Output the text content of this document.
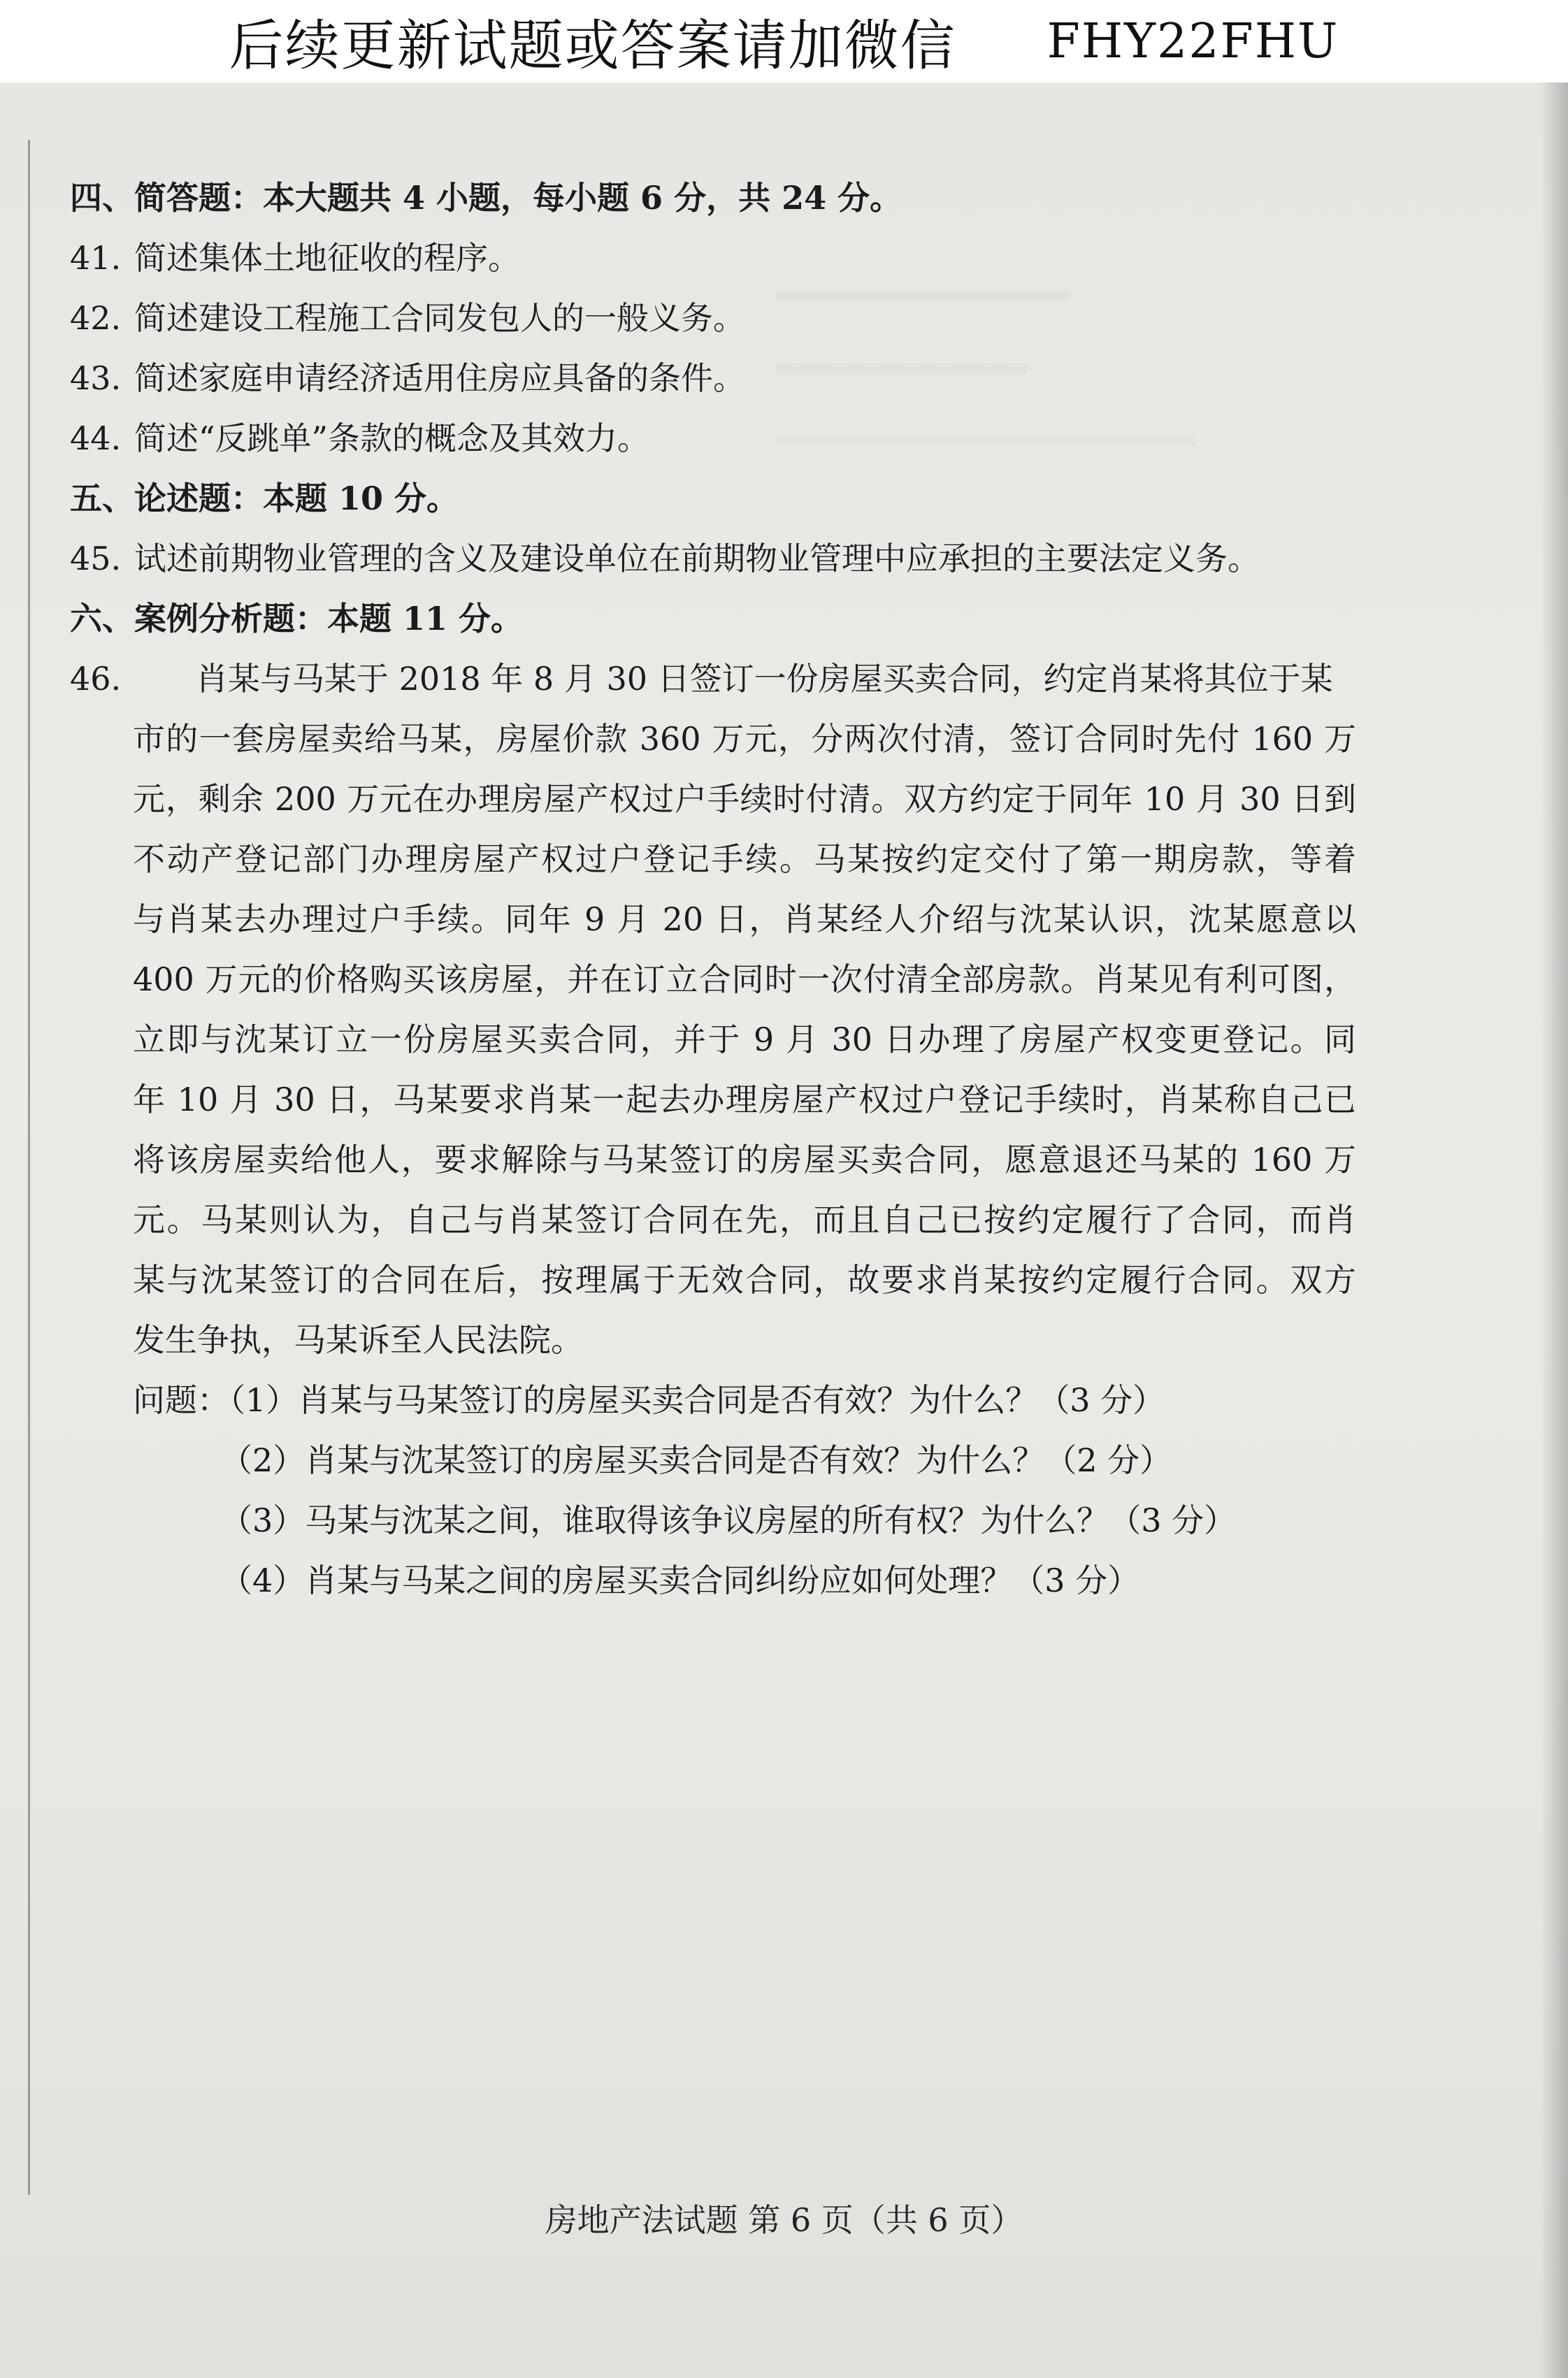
后续更新试题或答案请加微信 FHY22FHU
四、简答题：本大题共 4 小题，每小题 6 分，共 24 分。
41. 简述集体土地征收的程序。
42. 简述建设工程施工合同发包人的一般义务。
43. 简述家庭申请经济适用住房应具备的条件。
44. 简述“反跳单”条款的概念及其效力。
五、论述题：本题 10 分。
45. 试述前期物业管理的含义及建设单位在前期物业管理中应承担的主要法定义务。
六、案例分析题：本题 11 分。
46. 肖某与马某于 2018 年 8 月 30 日签订一份房屋买卖合同，约定肖某将其位于某
市的一套房屋卖给马某，房屋价款 360 万元，分两次付清，签订合同时先付 160 万
元，剩余 200 万元在办理房屋产权过户手续时付清。双方约定于同年 10 月 30 日到
不动产登记部门办理房屋产权过户登记手续。马某按约定交付了第一期房款，等着
与肖某去办理过户手续。同年 9 月 20 日，肖某经人介绍与沈某认识，沈某愿意以
400 万元的价格购买该房屋，并在订立合同时一次付清全部房款。肖某见有利可图，
立即与沈某订立一份房屋买卖合同，并于 9 月 30 日办理了房屋产权变更登记。同
年 10 月 30 日，马某要求肖某一起去办理房屋产权过户登记手续时，肖某称自己已
将该房屋卖给他人，要求解除与马某签订的房屋买卖合同，愿意退还马某的 160 万
元。马某则认为，自己与肖某签订合同在先，而且自己已按约定履行了合同，而肖
某与沈某签订的合同在后，按理属于无效合同，故要求肖某按约定履行合同。双方
发生争执，马某诉至人民法院。
问题：（1）肖某与马某签订的房屋买卖合同是否有效？为什么？（3 分）
（2）肖某与沈某签订的房屋买卖合同是否有效？为什么？（2 分）
（3）马某与沈某之间，谁取得该争议房屋的所有权？为什么？（3 分）
（4）肖某与马某之间的房屋买卖合同纠纷应如何处理？（3 分）
房地产法试题 第 6 页（共 6 页）
